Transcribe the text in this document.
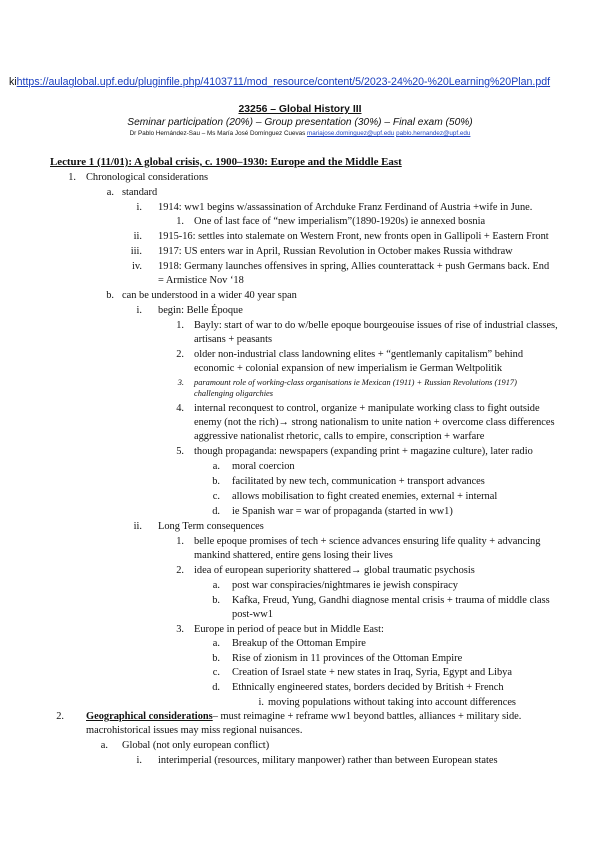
kihttps://aulaglobal.upf.edu/pluginfile.php/4103711/mod_resource/content/5/2023-24%20-%20Learning%20Plan.pdf
23256 – Global History III
Seminar participation (20%) – Group presentation (30%) – Final exam (50%)
Dr Pablo Hernández-Sau – Ms María José Domínguez Cuevas mariajose.dominguez@upf.edu pablo.hernandez@upf.edu
Lecture 1 (11/01): A global crisis, c. 1900–1930: Europe and the Middle East
1. Chronological considerations
a. standard
i. 1914: ww1 begins w/assassination of Archduke Franz Ferdinand of Austria +wife in June.
1. One of last face of “new imperialism”(1890-1920s) ie annexed bosnia
ii. 1915-16: settles into stalemate on Western Front, new fronts open in Gallipoli + Eastern Front
iii. 1917: US enters war in April, Russian Revolution in October makes Russia withdraw
iv. 1918: Germany launches offensives in spring, Allies counterattack + push Germans back. End
= Armistice Nov ‘18
b. can be understood in a wider 40 year span
i. begin: Belle Époque
1. Bayly: start of war to do w/belle epoque bourgeouise issues of rise of industrial classes,
artisans + peasants
2. older non-industrial class landowning elites + “gentlemanly capitalism” behind
economic + colonial expansion of new imperialism ie German Weltpolitik
3. paramount role of working-class organisations ie Mexican (1911) + Russian Revolutions (1917)
challenging oligarchies
4. internal reconquest to control, organize + manipulate working class to fight outside
enemy (not the rich)→ strong nationalism to unite nation + overcome class differences
aggressive nationalist rhetoric, calls to empire, conscription + warfare
5. though propaganda: newspapers (expanding print + magazine culture), later radio
a. moral coercion
b. facilitated by new tech, communication + transport advances
c. allows mobilisation to fight created enemies, external + internal
d. ie Spanish war = war of propaganda (started in ww1)
ii. Long Term consequences
1. belle epoque promises of tech + science advances ensuring life quality + advancing
mankind shattered, entire gens losing their lives
2. idea of european superiority shattered→ global traumatic psychosis
a. post war conspiracies/nightmares ie jewish conspiracy
b. Kafka, Freud, Yung, Gandhi diagnose mental crisis + trauma of middle class
post-ww1
3. Europe in period of peace but in Middle East:
a. Breakup of the Ottoman Empire
b. Rise of zionism in 11 provinces of the Ottoman Empire
c. Creation of Israel state + new states in Iraq, Syria, Egypt and Libya
d. Ethnically engineered states, borders decided by British + French
i. moving populations without taking into account differences
2. Geographical considerations– must reimagine + reframe ww1 beyond battles, alliances + military side.
macrohistorical issues may miss regional nuisances.
a. Global (not only european conflict)
i. interimperial (resources, military manpower) rather than between European states
